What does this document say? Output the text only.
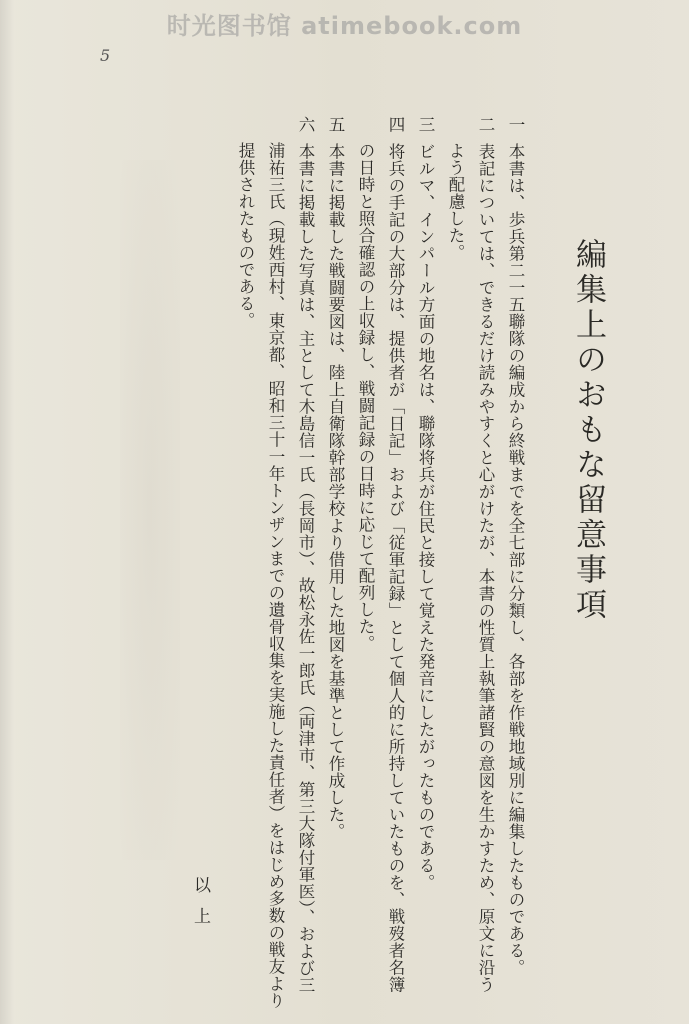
时光图书馆 atimebook.com
5
編集上のおもな留意事項
一本書は、歩兵第二一五聯隊の編成から終戦までを全七部に分類し、各部を作戦地域別に編集したものである。
二表記については、できるだけ読みやすくと心がけたが、本書の性質上執筆諸賢の意図を生かすため、原文に沿う
よう配慮した。
三ビルマ、インパール方面の地名は、聯隊将兵が住民と接して覚えた発音にしたがったものである。
四将兵の手記の大部分は、提供者が「日記」および「従軍記録」として個人的に所持していたものを、戦歿者名簿
の日時と照合確認の上収録し、戦闘記録の日時に応じて配列した。
五本書に掲載した戦闘要図は、陸上自衛隊幹部学校より借用した地図を基準として作成した。
六本書に掲載した写真は、主として木島信一氏（長岡市）、故松永佐一郎氏（両津市、第三大隊付軍医）、および三
浦祐三氏（現姓西村、東京都、昭和三十一年トンザンまでの遺骨収集を実施した責任者）をはじめ多数の戦友より
提供されたものである。
以上
